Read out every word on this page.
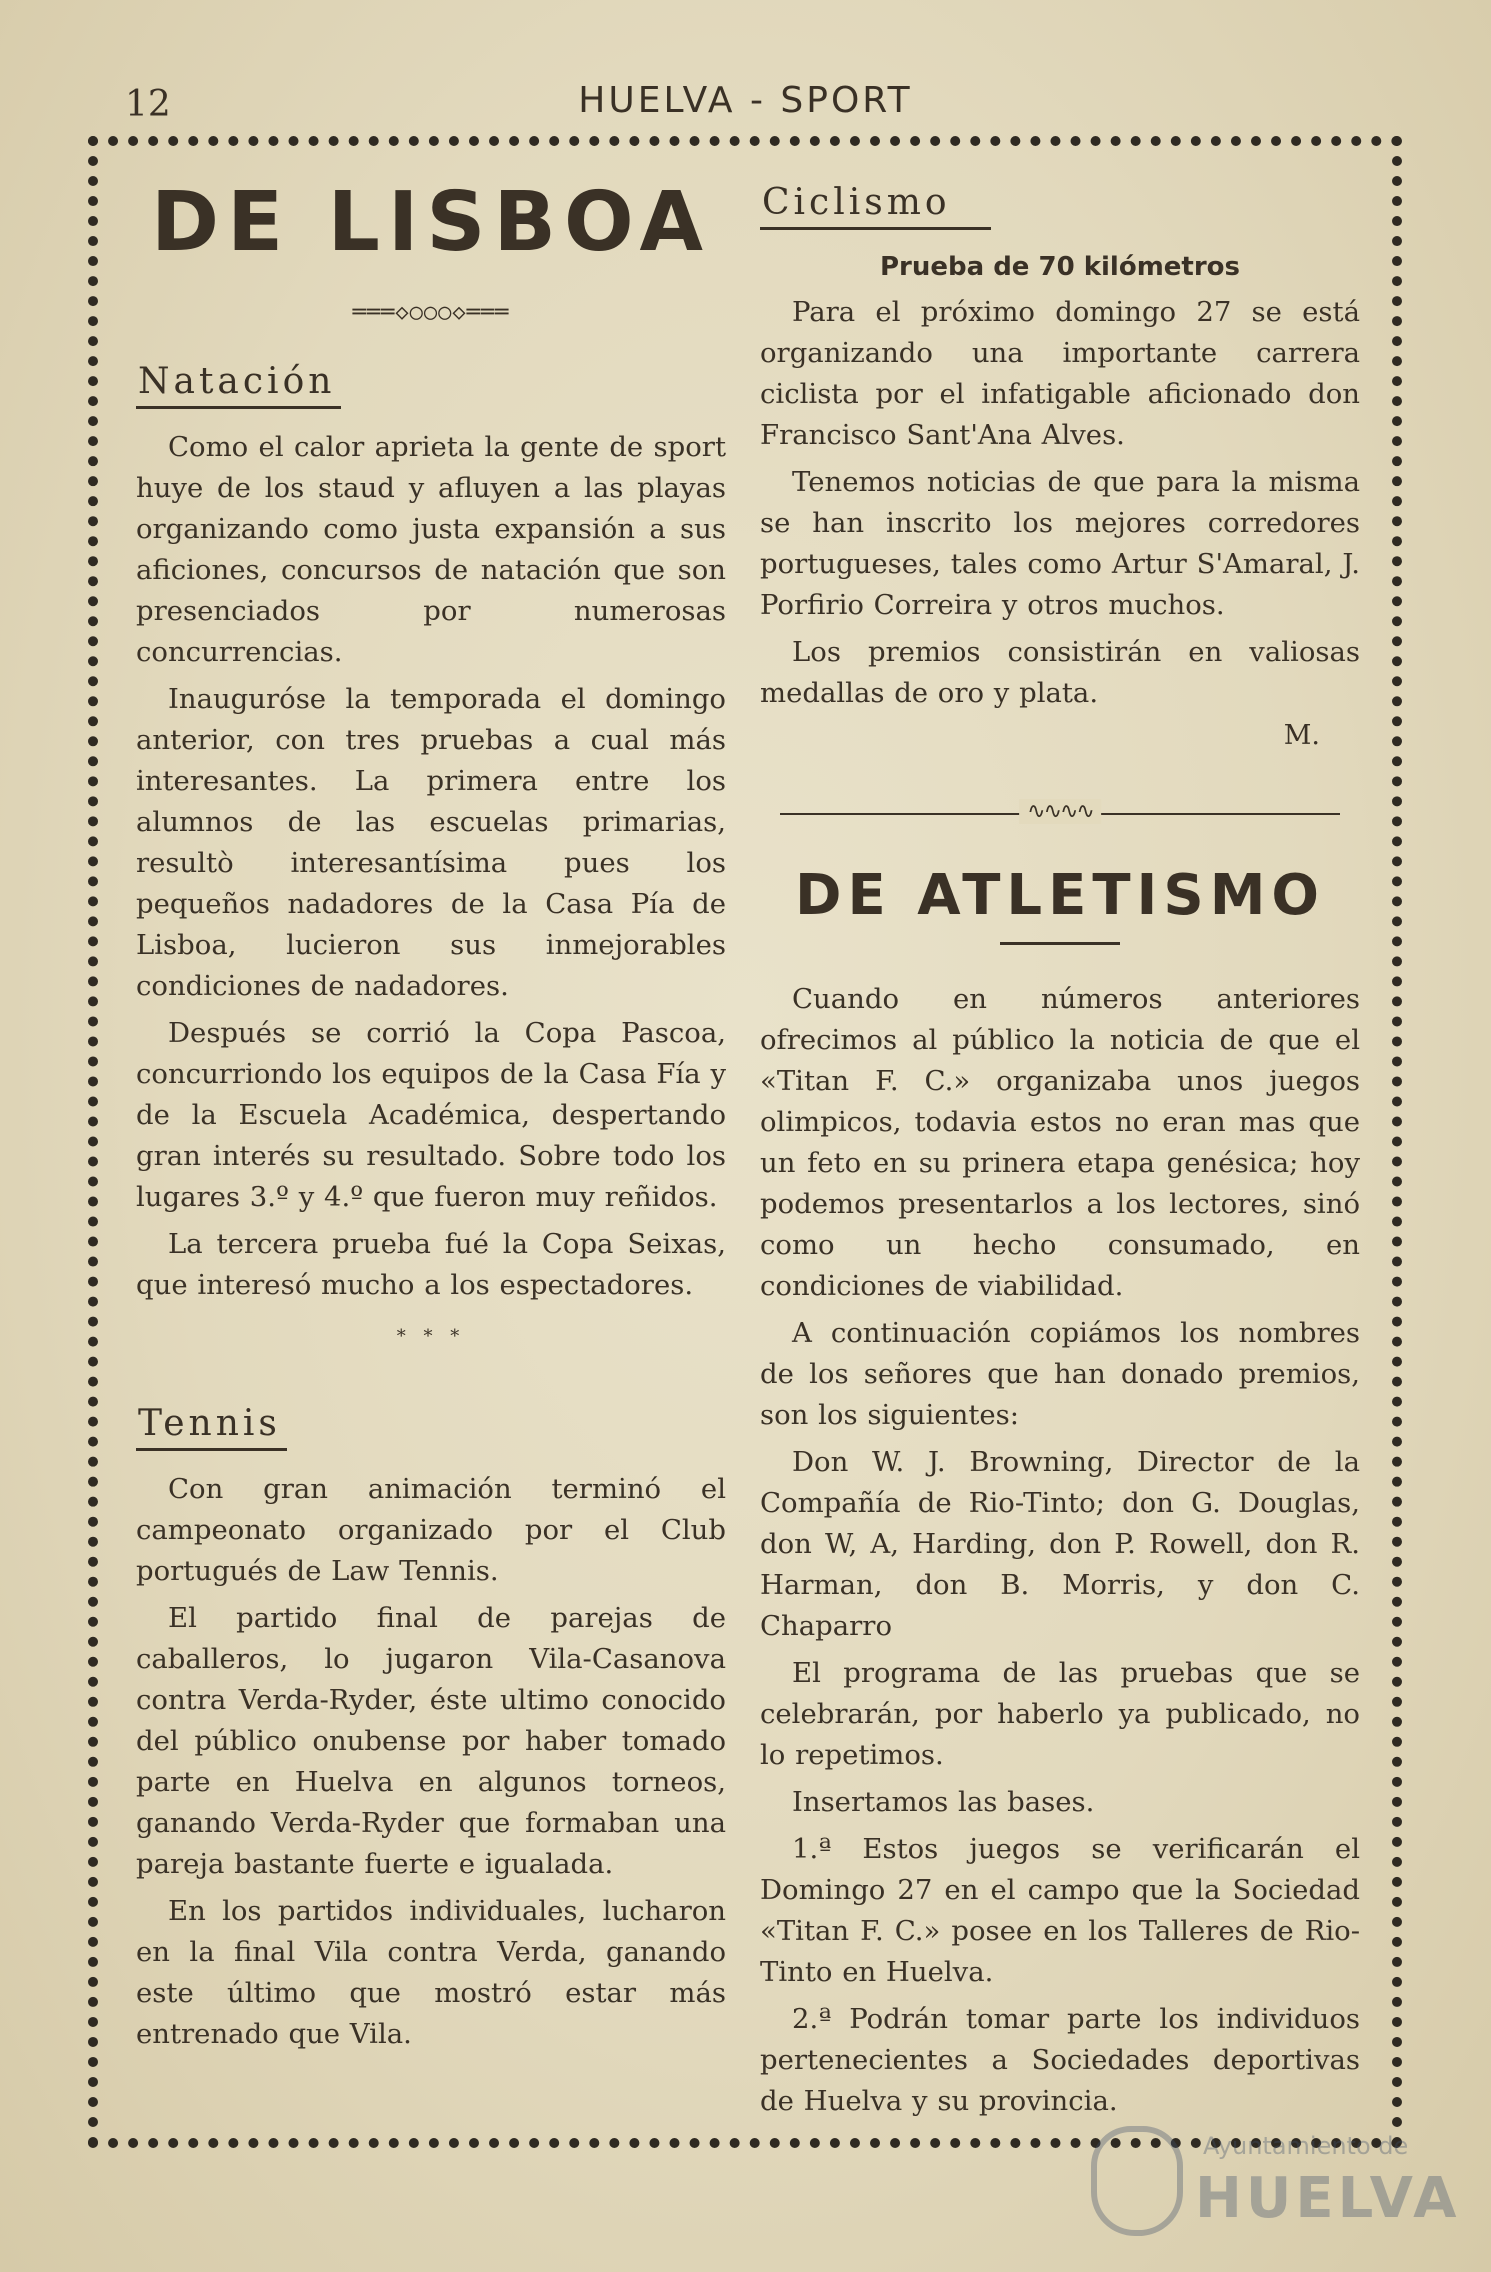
12	HUELVA - SPORT
DE LISBOA
═══◇○○○◇═══
Natación

Como el calor aprieta la gente de sport huye de los staud y afluyen a las playas organizando como justa expansión a sus aficiones, concursos de natación que son presenciados por numerosas concurrencias.

Inauguróse la temporada el domingo anterior, con tres pruebas a cual más interesantes. La primera entre los alumnos de las escuelas primarias, resultò interesantísima pues los pequeños nadadores de la Casa Pía de Lisboa, lucieron sus inmejorables condiciones de nadadores.

Después se corrió la Copa Pascoa, concurriondo los equipos de la Casa Fía y de la Escuela Académica, despertando gran interés su resultado. Sobre todo los lugares 3.º y 4.º que fueron muy reñidos.

La tercera prueba fué la Copa Seixas, que interesó mucho a los espectadores.

* * *
Tennis

Con gran animación terminó el campeonato organizado por el Club portugués de Law Tennis.

El partido final de parejas de caballeros, lo jugaron Vila-Casanova contra Verda-Ryder, éste ultimo conocido del público onubense por haber tomado parte en Huelva en algunos torneos, ganando Verda-Ryder que formaban una pareja bastante fuerte e igualada.

En los partidos individuales, lucharon en la final Vila contra Verda, ganando este último que mostró estar más entrenado que Vila.

Ciclismo
Prueba de 70 kilómetros

Para el próximo domingo 27 se está organizando una importante carrera ciclista por el infatigable aficionado don Francisco Sant'Ana Alves.

Tenemos noticias de que para la misma se han inscrito los mejores corredores portugueses, tales como Artur S'Amaral, J. Porfirio Correira y otros muchos.

Los premios consistirán en valiosas medallas de oro y plata.

M.
∿∿∿∿
DE ATLETISMO

Cuando en números anteriores ofrecimos al público la noticia de que el «Titan F. C.» organizaba unos juegos olimpicos, todavia estos no eran mas que un feto en su prinera etapa genésica; hoy podemos presentarlos a los lectores, sinó como un hecho consumado, en condiciones de viabilidad.

A continuación copiámos los nombres de los señores que han donado premios, son los siguientes:

Don W. J. Browning, Director de la Compañía de Rio-Tinto; don G. Douglas, don W, A, Harding, don P. Rowell, don R. Harman, don B. Morris, y don C. Chaparro

El programa de las pruebas que se celebrarán, por haberlo ya publicado, no lo repetimos.

Insertamos las bases.

1.ª Estos juegos se verificarán el Domingo 27 en el campo que la Sociedad «Titan F. C.» posee en los Talleres de Rio-Tinto en Huelva.

2.ª Podrán tomar parte los individuos pertenecientes a Sociedades deportivas de Huelva y su provincia.

Ayuntamiento de
HUELVA
